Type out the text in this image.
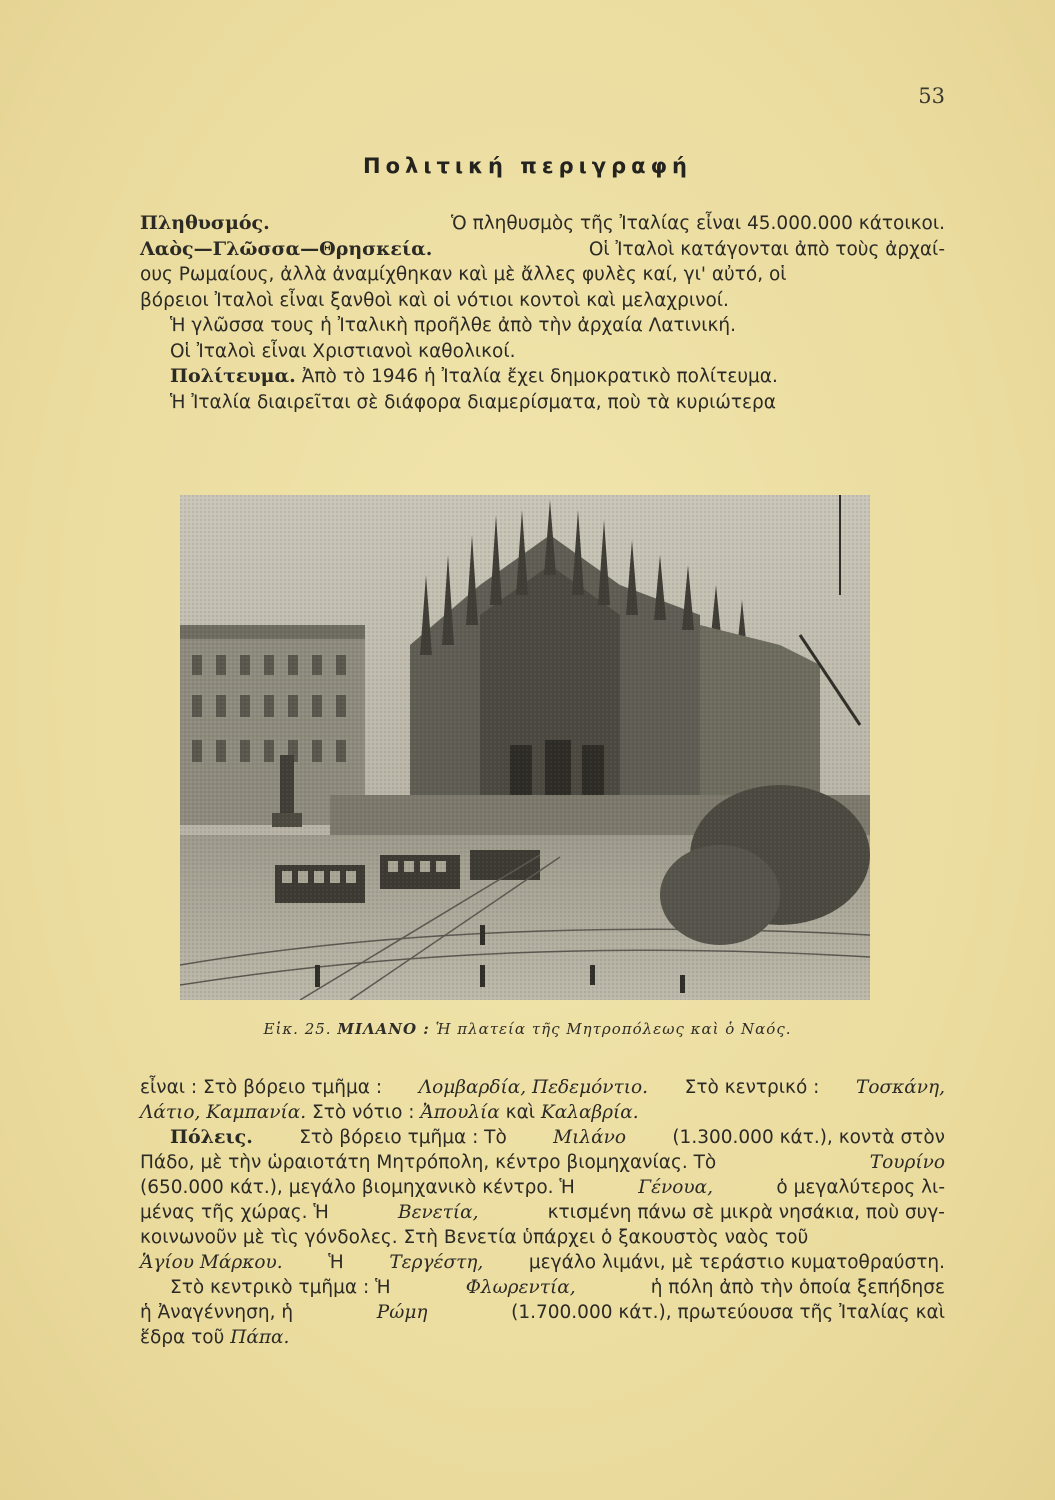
53
Πολιτική περιγραφή
Πληθυσμός.	Ὁ πληθυσμὸς τῆς Ἰταλίας εἶναι 45.000.000 κάτοικοι.
Λαὸς—Γλῶσσα—Θρησκεία.	Οἱ Ἰταλοὶ κατάγονται ἀπὸ τοὺς ἀρχαί-
ους Ρωμαίους, ἀλλὰ ἀναμίχθηκαν καὶ μὲ ἄλλες φυλὲς καί, γι' αὐτό, οἱ
βόρειοι Ἰταλοὶ εἶναι ξανθοὶ καὶ οἱ νότιοι κοντοὶ καὶ μελαχρινοί.
Ἡ γλῶσσα τους ἡ Ἰταλικὴ προῆλθε ἀπὸ τὴν ἀρχαία Λατινική.
Οἱ Ἰταλοὶ εἶναι Χριστιανοὶ καθολικοί.
Πολίτευμα. Ἀπὸ τὸ 1946 ἡ Ἰταλία ἔχει δημοκρατικὸ πολίτευμα.
Ἡ Ἰταλία διαιρεῖται σὲ διάφορα διαμερίσματα, ποὺ τὰ κυριώτερα
Εἰκ. 25. ΜΙΛΑΝΟ : Ἡ πλατεία τῆς Μητροπόλεως καὶ ὁ Ναός.
εἶναι : Στὸ βόρειο τμῆμα : Λομβαρδία, Πεδεμόντιο. Στὸ κεντρικό : Τοσκάνη,
Λάτιο, Καμπανία. Στὸ νότιο : Ἀπουλία καὶ Καλαβρία.
Πόλεις.	Στὸ βόρειο τμῆμα : Τὸ	Μιλάνο	(1.300.000 κάτ.), κοντὰ στὸν
Πάδο, μὲ τὴν ὡραιοτάτη Μητρόπολη, κέντρο βιομηχανίας. Τὸ	Τουρίνο
(650.000 κάτ.), μεγάλο βιομηχανικὸ κέντρο. Ἡ	Γένουα,	ὁ μεγαλύτερος λι-
μένας τῆς χώρας. Ἡ	Βενετία,	κτισμένη πάνω σὲ μικρὰ νησάκια, ποὺ συγ-
κοινωνοῦν μὲ τὶς γόνδολες. Στὴ Βενετία ὑπάρχει ὁ ξακουστὸς ναὸς τοῦ
Ἁγίου Μάρκου. Ἡ Τεργέστη, μεγάλο λιμάνι, μὲ τεράστιο κυματοθραύστη.
Στὸ κεντρικὸ τμῆμα : Ἡ	Φλωρεντία,	ἡ πόλη ἀπὸ τὴν ὁποία ξεπήδησε
ἡ Ἀναγέννηση, ἡ	Ρώμη	(1.700.000 κάτ.), πρωτεύουσα τῆς Ἰταλίας καὶ
ἕδρα τοῦ Πάπα.
